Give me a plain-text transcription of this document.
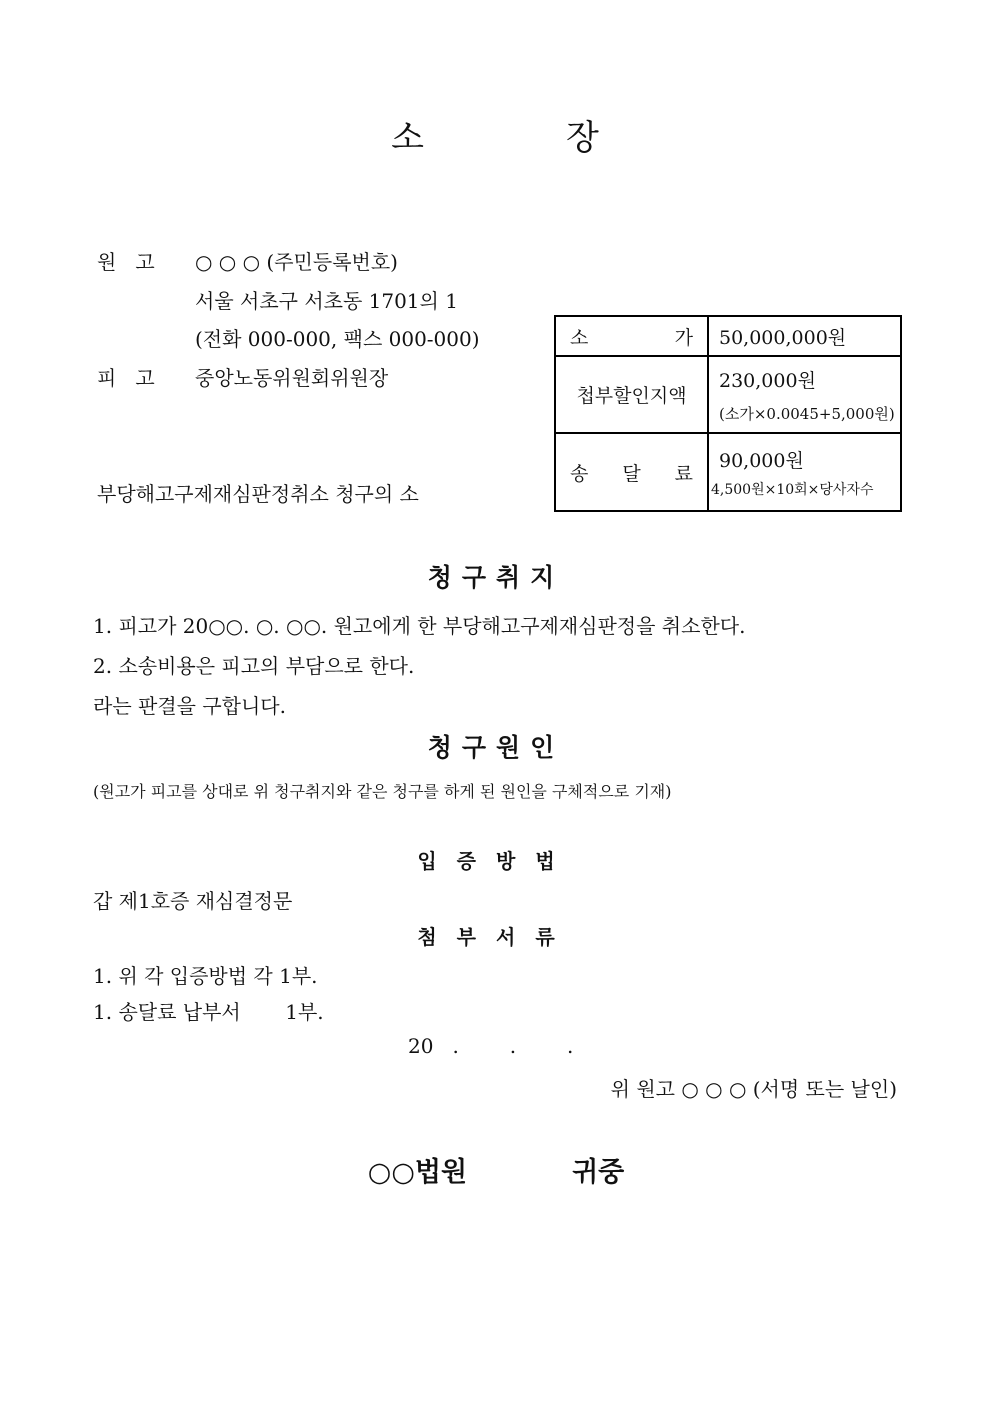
소	장
원   고 ○ ○ ○ (주민등록번호)
서울 서초구 서초동 1701의 1
(전화 000-000, 팩스 000-000)
피   고 중앙노동위원회위원장
부당해고구제재심판정취소 청구의 소
소 가	50,000,000원
첩부할인지액	230,000원
(소가×0.0045+5,000원)

송 달 료	90,000원
4,500원×10회×당사자수
청구취지
1. 피고가 20○○. ○. ○○. 원고에게 한 부당해고구제재심판정을 취소한다.
2. 소송비용은 피고의 부담으로 한다.
라는 판결을 구합니다.
청구원인
(원고가 피고를 상대로 위 청구취지와 같은 청구를 하게 된 원인을 구체적으로 기재)
입증방법
갑 제1호증 재심결정문
첨부서류
1. 위 각 입증방법 각 1부.
1. 송달료 납부서       1부.
20   .        .        .
위 원고 ○ ○ ○ (서명 또는 날인)
○○법원	귀중
